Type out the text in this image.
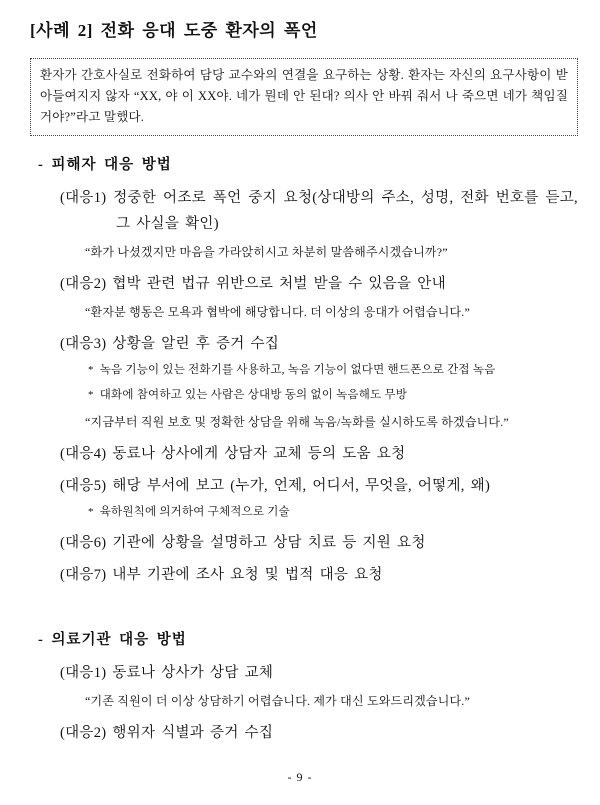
[사례 2] 전화 응대 도중 환자의 폭언

환자가 간호사실로 전화하여 담당 교수와의 연결을 요구하는 상황. 환자는 자신의 요구사항이 받아들여지지 않자 “XX, 야 이 XX야. 네가 뭔데 안 된대? 의사 안 바꿔 줘서 나 죽으면 네가 책임질 거야?”라고 말했다.

- 피해자 대응 방법

(대응1) 정중한 어조로 폭언 중지 요청(상대방의 주소, 성명, 전화 번호를 듣고, 그 사실을 확인)

“화가 나셨겠지만 마음을 가라앉히시고 차분히 말씀해주시겠습니까?”

(대응2) 협박 관련 법규 위반으로 처벌 받을 수 있음을 안내

“환자분 행동은 모욕과 협박에 해당합니다. 더 이상의 응대가 어렵습니다.”

(대응3) 상황을 알린 후 증거 수집

* 녹음 기능이 있는 전화기를 사용하고, 녹음 기능이 없다면 핸드폰으로 간접 녹음

* 대화에 참여하고 있는 사람은 상대방 동의 없이 녹음해도 무방

“지금부터 직원 보호 및 정확한 상담을 위해 녹음/녹화를 실시하도록 하겠습니다.”

(대응4) 동료나 상사에게 상담자 교체 등의 도움 요청

(대응5) 해당 부서에 보고 (누가, 언제, 어디서, 무엇을, 어떻게, 왜)

* 육하원칙에 의거하여 구체적으로 기술

(대응6) 기관에 상황을 설명하고 상담 치료 등 지원 요청

(대응7) 내부 기관에 조사 요청 및 법적 대응 요청

- 의료기관 대응 방법

(대응1) 동료나 상사가 상담 교체

“기존 직원이 더 이상 상담하기 어렵습니다. 제가 대신 도와드리겠습니다.”

(대응2) 행위자 식별과 증거 수집

- 9 -
